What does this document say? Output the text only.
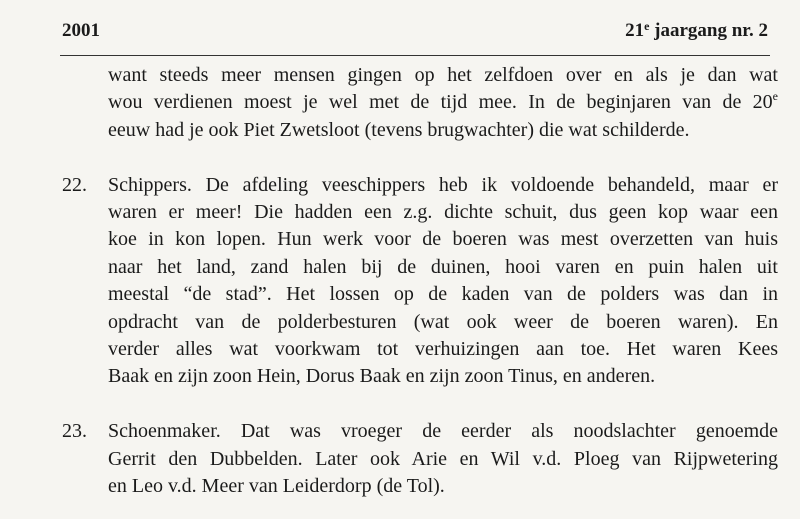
2001	21e jaargang nr. 2
want steeds meer mensen gingen op het zelfdoen over en als je dan wat
wou verdienen moest je wel met de tijd mee. In de beginjaren van de 20e
eeuw had je ook Piet Zwetsloot (tevens brugwachter) die wat schilderde.
22.	Schippers. De afdeling veeschippers heb ik voldoende behandeld, maar er
waren er meer! Die hadden een z.g. dichte schuit, dus geen kop waar een
koe in kon lopen. Hun werk voor de boeren was mest overzetten van huis
naar het land, zand halen bij de duinen, hooi varen en puin halen uit
meestal “de stad”. Het lossen op de kaden van de polders was dan in
opdracht van de polderbesturen (wat ook weer de boeren waren). En
verder alles wat voorkwam tot verhuizingen aan toe. Het waren Kees
Baak en zijn zoon Hein, Dorus Baak en zijn zoon Tinus, en anderen.
23.	Schoenmaker. Dat was vroeger de eerder als noodslachter genoemde
Gerrit den Dubbelden. Later ook Arie en Wil v.d. Ploeg van Rijpwetering
en Leo v.d. Meer van Leiderdorp (de Tol).
